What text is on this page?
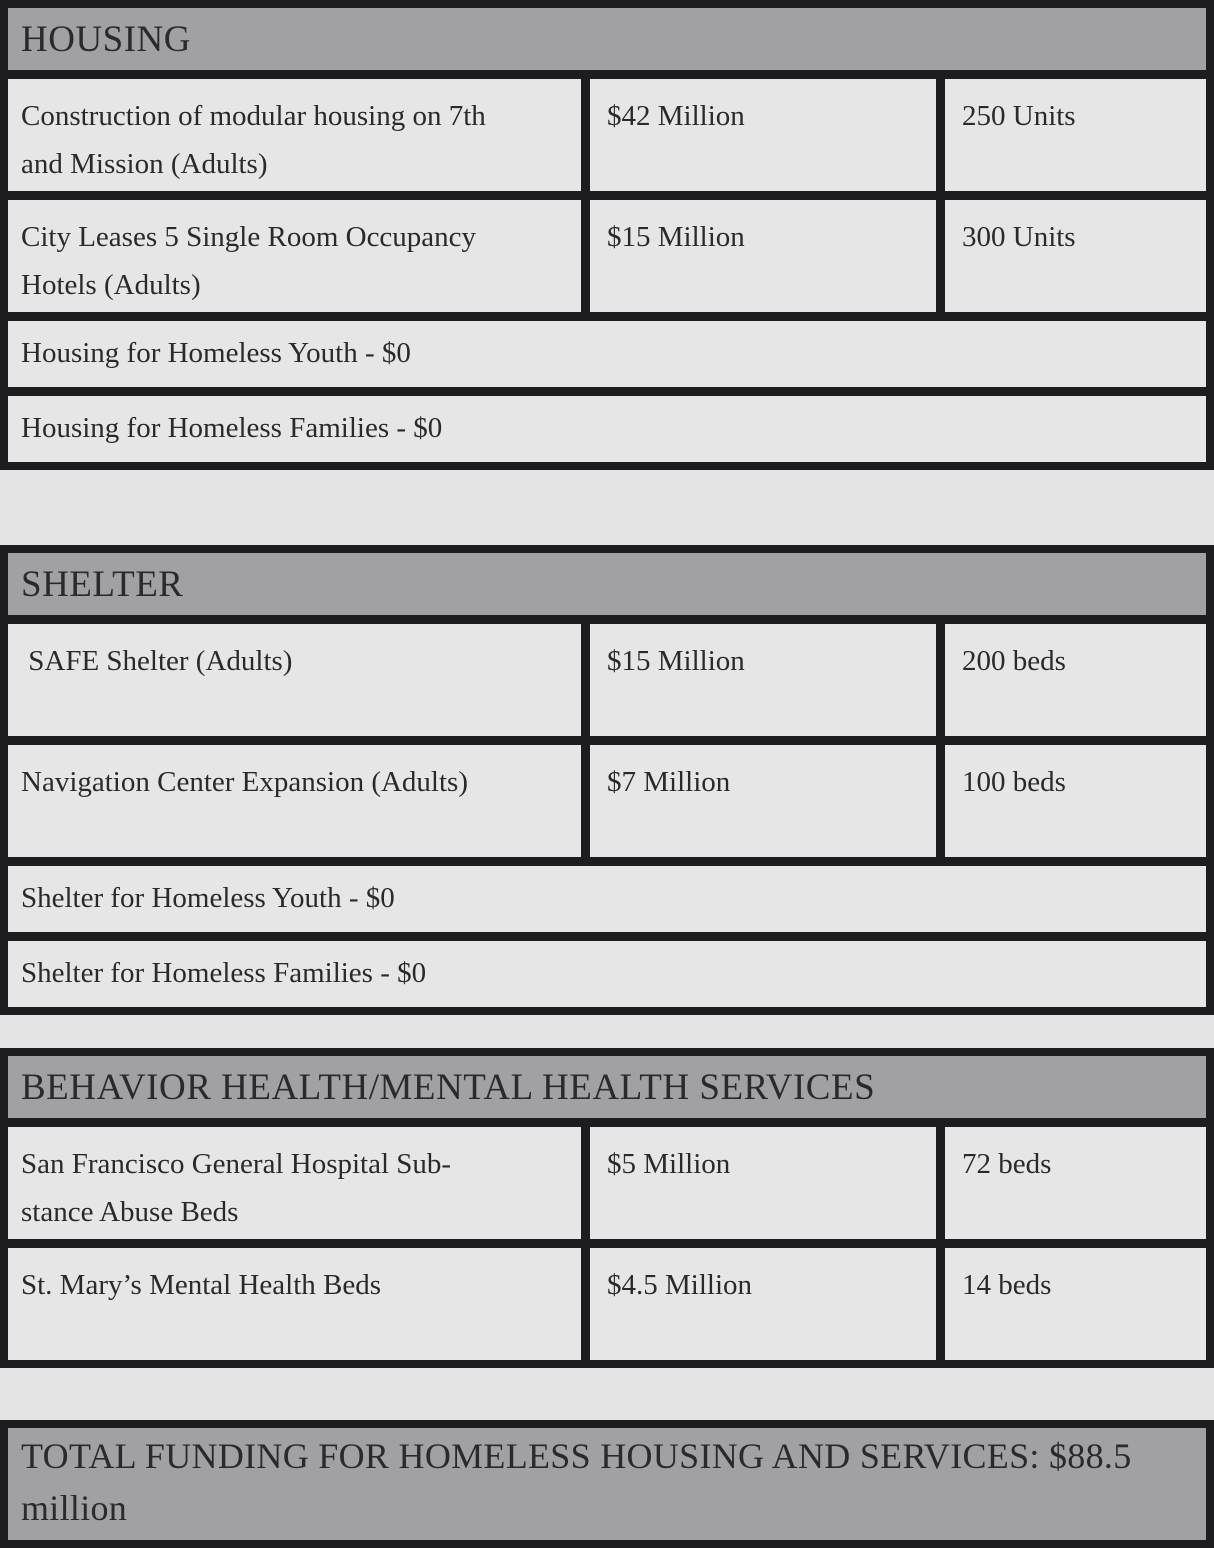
HOUSING
Construction of modular housing on 7th
and Mission (Adults)
$42 Million	250 Units
City Leases 5 Single Room Occupancy
Hotels (Adults)
$15 Million	300 Units
Housing for Homeless Youth - $0
Housing for Homeless Families - $0
SHELTER
SAFE Shelter (Adults)	$15 Million	200 beds
Navigation Center Expansion (Adults)	$7 Million	100 beds
Shelter for Homeless Youth - $0
Shelter for Homeless Families - $0
BEHAVIOR HEALTH/MENTAL HEALTH SERVICES
San Francisco General Hospital Sub-
stance Abuse Beds
$5 Million	72 beds
St. Mary’s Mental Health Beds	$4.5 Million	14 beds
TOTAL FUNDING FOR HOMELESS HOUSING AND SERVICES: $88.5 million
